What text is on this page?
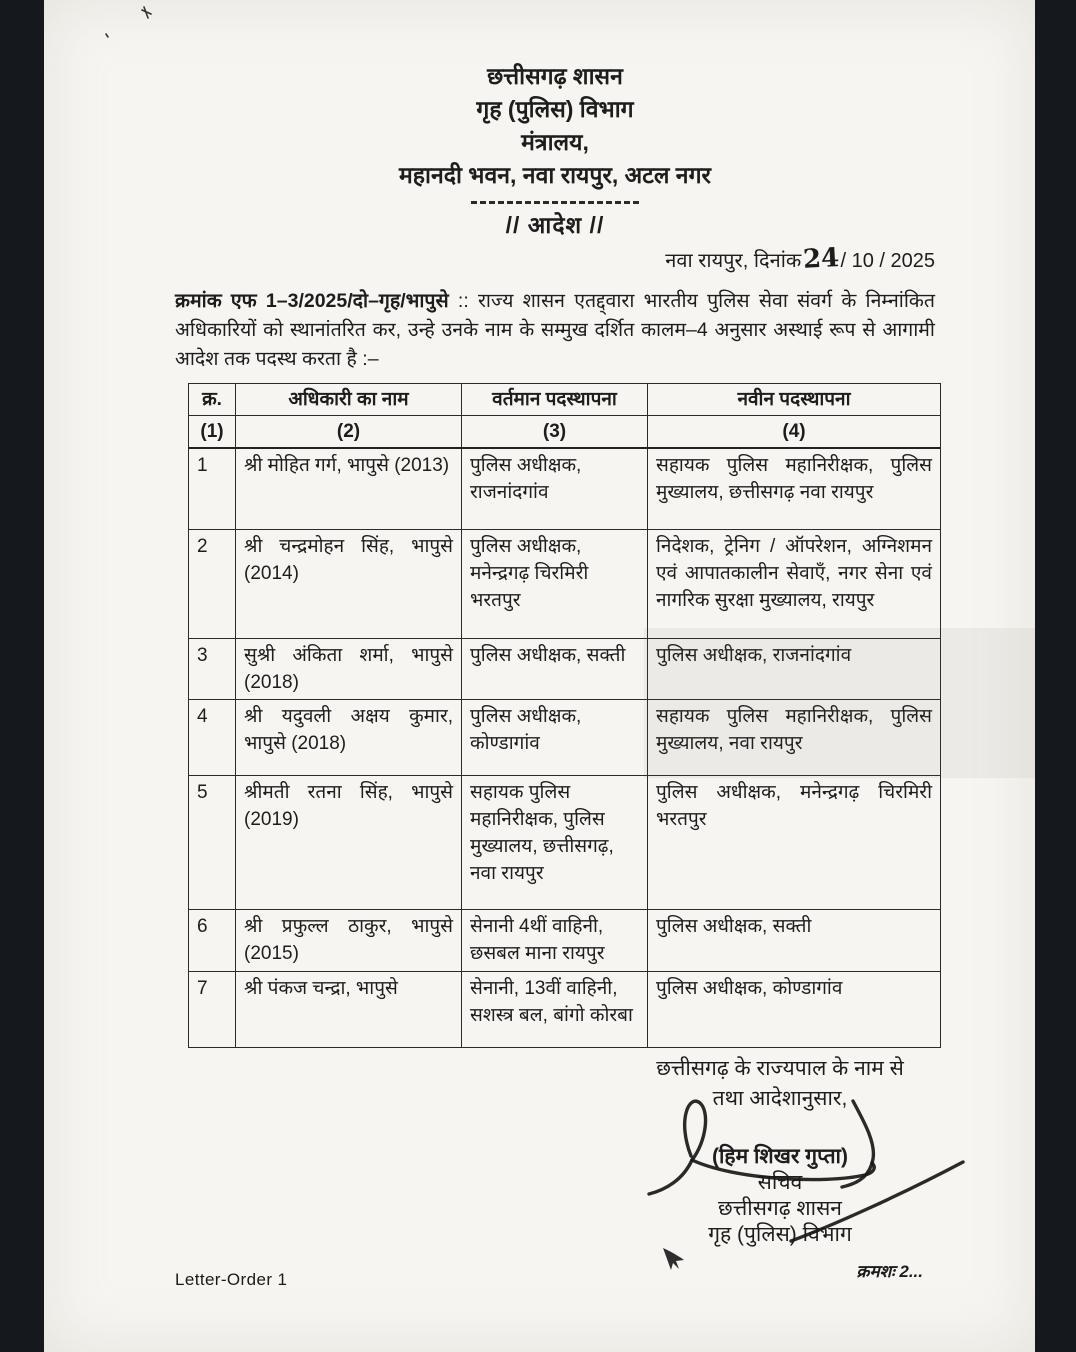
छत्तीसगढ़ शासन
गृह (पुलिस) विभाग
मंत्रालय,
महानदी भवन, नवा रायपुर, अटल नगर
// आदेश //
नवा रायपुर, दिनांक24/ 10 / 2025
क्रमांक एफ 1–3/2025/दो–गृह/भापुसे :: राज्य शासन एतद्द्वारा भारतीय पुलिस सेवा संवर्ग के निम्नांकित अधिकारियों को स्थानांतरित कर, उन्हे उनके नाम के सम्मुख दर्शित कालम–4 अनुसार अस्थाई रूप से आगामी आदेश तक पदस्थ करता है :–
क्र.	अधिकारी का नाम	वर्तमान पदस्थापना	नवीन पदस्थापना
(1)	(2)	(3)	(4)
1	श्री मोहित गर्ग, भापुसे (2013)	पुलिस अधीक्षक, राजनांदगांव	सहायक पुलिस महानिरीक्षक, पुलिस मुख्यालय, छत्तीसगढ़ नवा रायपुर
2	श्री चन्द्रमोहन सिंह, भापुसे (2014)	पुलिस अधीक्षक, मनेन्द्रगढ़ चिरमिरी भरतपुर	निदेशक, ट्रेनिग / ऑपरेशन, अग्निशमन एवं आपातकालीन सेवाएँ, नगर सेना एवं नागरिक सुरक्षा मुख्यालय, रायपुर
3	सुश्री अंकिता शर्मा, भापुसे (2018)	पुलिस अधीक्षक, सक्ती	पुलिस अधीक्षक, राजनांदगांव
4	श्री यदुवली अक्षय कुमार, भापुसे (2018)	पुलिस अधीक्षक, कोण्डागांव	सहायक पुलिस महानिरीक्षक, पुलिस मुख्यालय, नवा रायपुर
5	श्रीमती रतना सिंह, भापुसे (2019)	सहायक पुलिस महानिरीक्षक, पुलिस मुख्यालय, छत्तीसगढ़, नवा रायपुर	पुलिस अधीक्षक, मनेन्द्रगढ़ चिरमिरी भरतपुर
6	श्री प्रफुल्ल ठाकुर, भापुसे (2015)	सेनानी 4थीं वाहिनी, छसबल माना रायपुर	पुलिस अधीक्षक, सक्ती
7	श्री पंकज चन्द्रा, भापुसे	सेनानी, 13वीं वाहिनी, सशस्त्र बल, बांगो कोरबा	पुलिस अधीक्षक, कोण्डागांव
छत्तीसगढ़ के राज्यपाल के नाम से
तथा आदेशानुसार,
(हिम शिखर गुप्ता)
सचिव
छत्तीसगढ़ शासन
गृह (पुलिस) विभाग
क्रमशः 2...
Letter-Order 1
